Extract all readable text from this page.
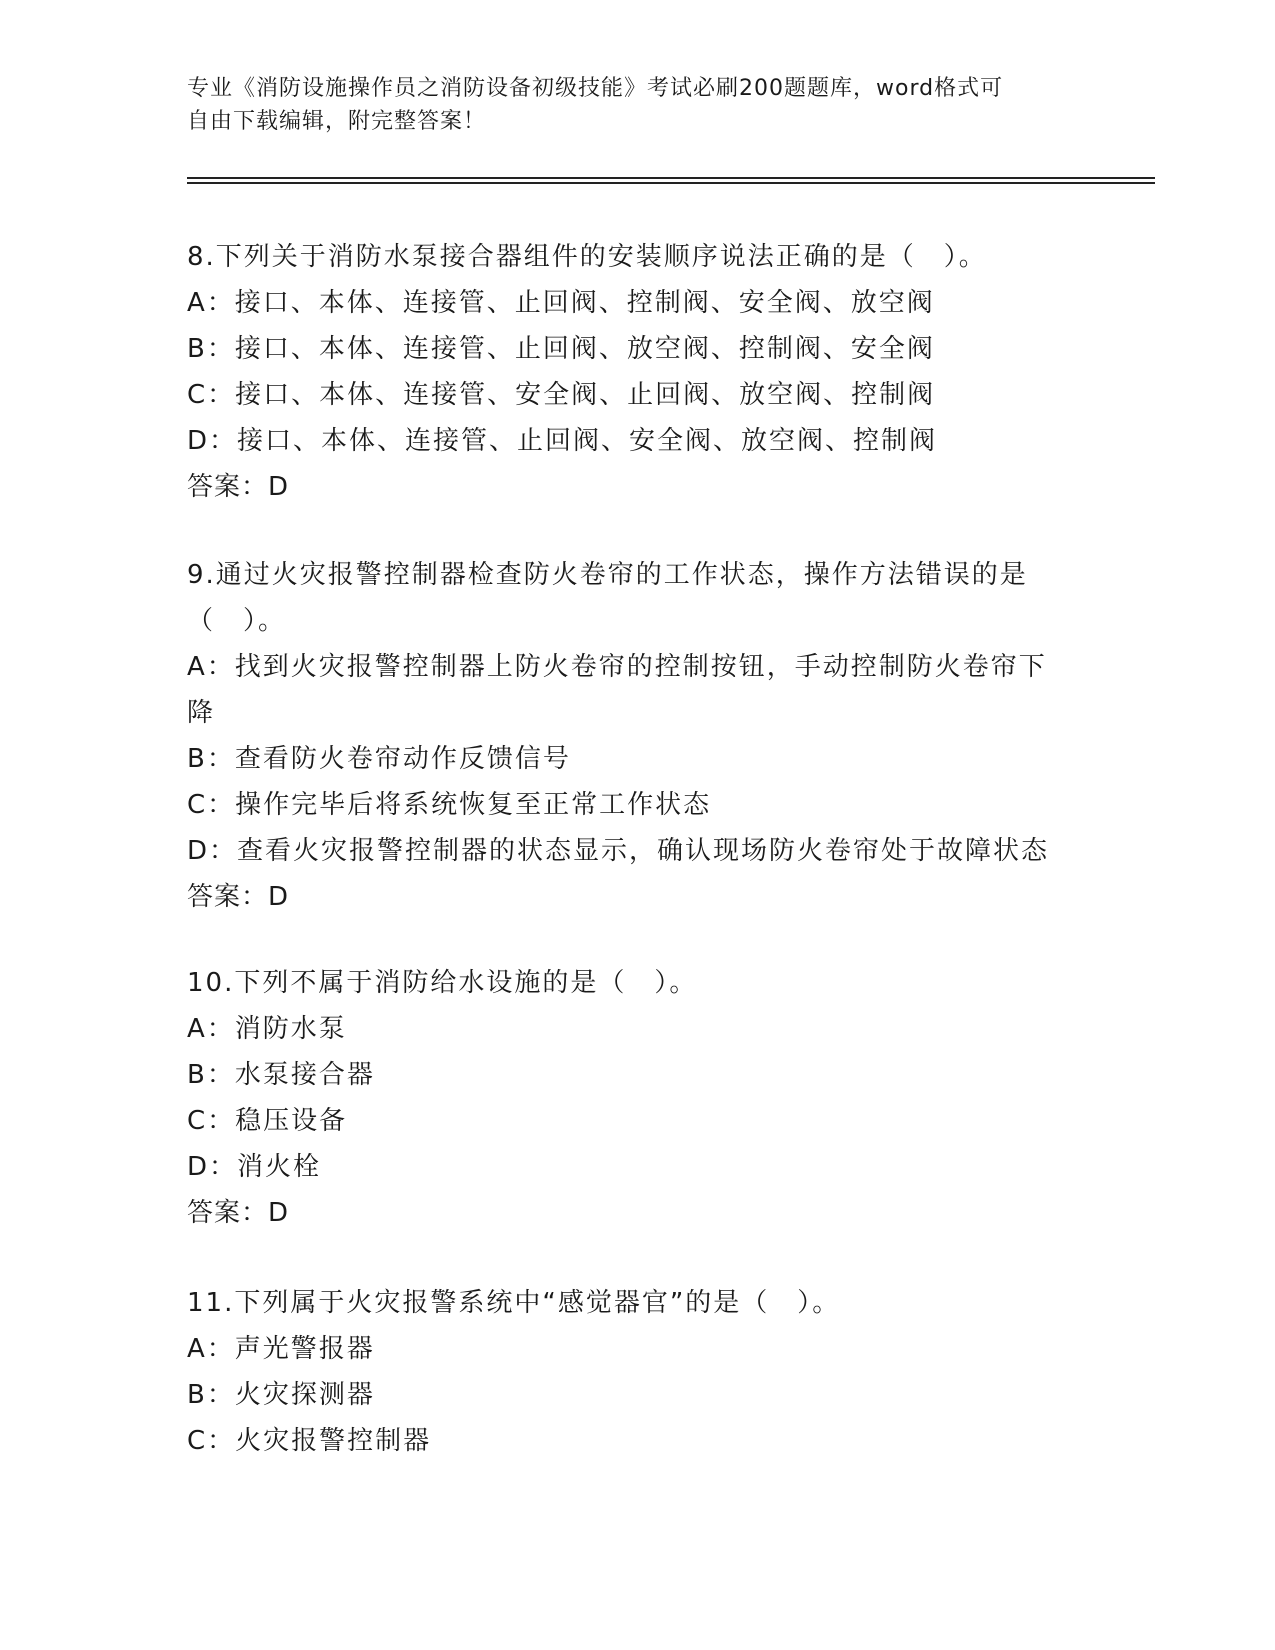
专业《消防设施操作员之消防设备初级技能》考试必刷200题题库，word格式可
自由下载编辑，附完整答案！
8.下列关于消防水泵接合器组件的安装顺序说法正确的是（　）。
A：接口、本体、连接管、止回阀、控制阀、安全阀、放空阀
B：接口、本体、连接管、止回阀、放空阀、控制阀、安全阀
C：接口、本体、连接管、安全阀、止回阀、放空阀、控制阀
D：接口、本体、连接管、止回阀、安全阀、放空阀、控制阀
答案：D
9.通过火灾报警控制器检查防火卷帘的工作状态，操作方法错误的是
（　）。
A：找到火灾报警控制器上防火卷帘的控制按钮，手动控制防火卷帘下
降
B：查看防火卷帘动作反馈信号
C：操作完毕后将系统恢复至正常工作状态
D：查看火灾报警控制器的状态显示，确认现场防火卷帘处于故障状态
答案：D
10.下列不属于消防给水设施的是（　）。
A：消防水泵
B：水泵接合器
C：稳压设备
D：消火栓
答案：D
11.下列属于火灾报警系统中“感觉器官”的是（　）。
A：声光警报器
B：火灾探测器
C：火灾报警控制器
